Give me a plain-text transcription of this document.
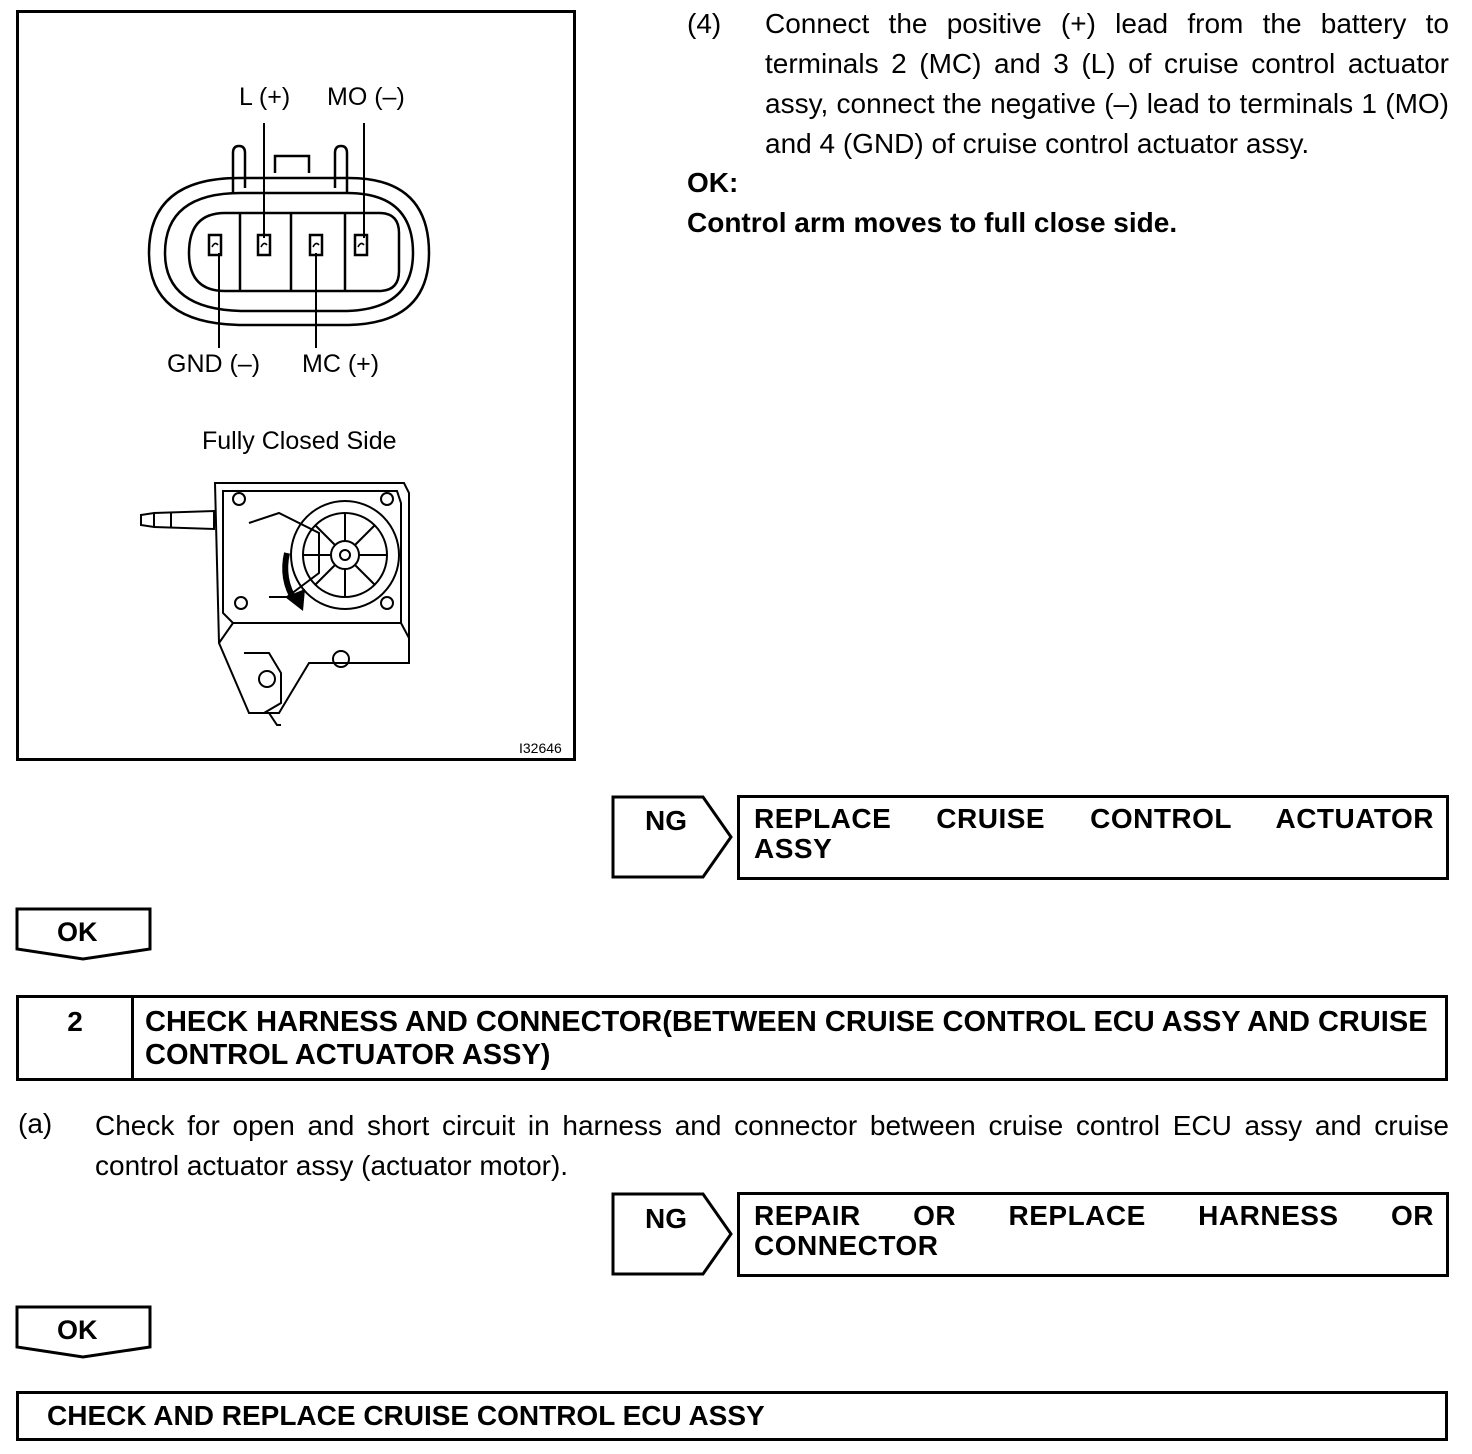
L (+) MO (–)
GND (–) MC (+)
Fully Closed Side
I32646
(4) Connect the positive (+) lead from the battery to terminals 2 (MC) and 3 (L) of cruise control actuator assy, connect the negative (–) lead to terminals 1 (MO) and 4 (GND) of cruise control actuator assy.
OK:
Control arm moves to full close side.
NG REPLACE CRUISE CONTROL ACTUATOR
ASSY
OK
2	CHECK HARNESS AND CONNECTOR(BETWEEN CRUISE CONTROL ECU ASSY AND CRUISE CONTROL ACTUATOR ASSY)
(a) Check for open and short circuit in harness and connector between cruise control ECU assy and cruise control actuator assy (actuator motor).
NG REPAIR OR REPLACE HARNESS OR
CONNECTOR
OK
CHECK AND REPLACE CRUISE CONTROL ECU ASSY
